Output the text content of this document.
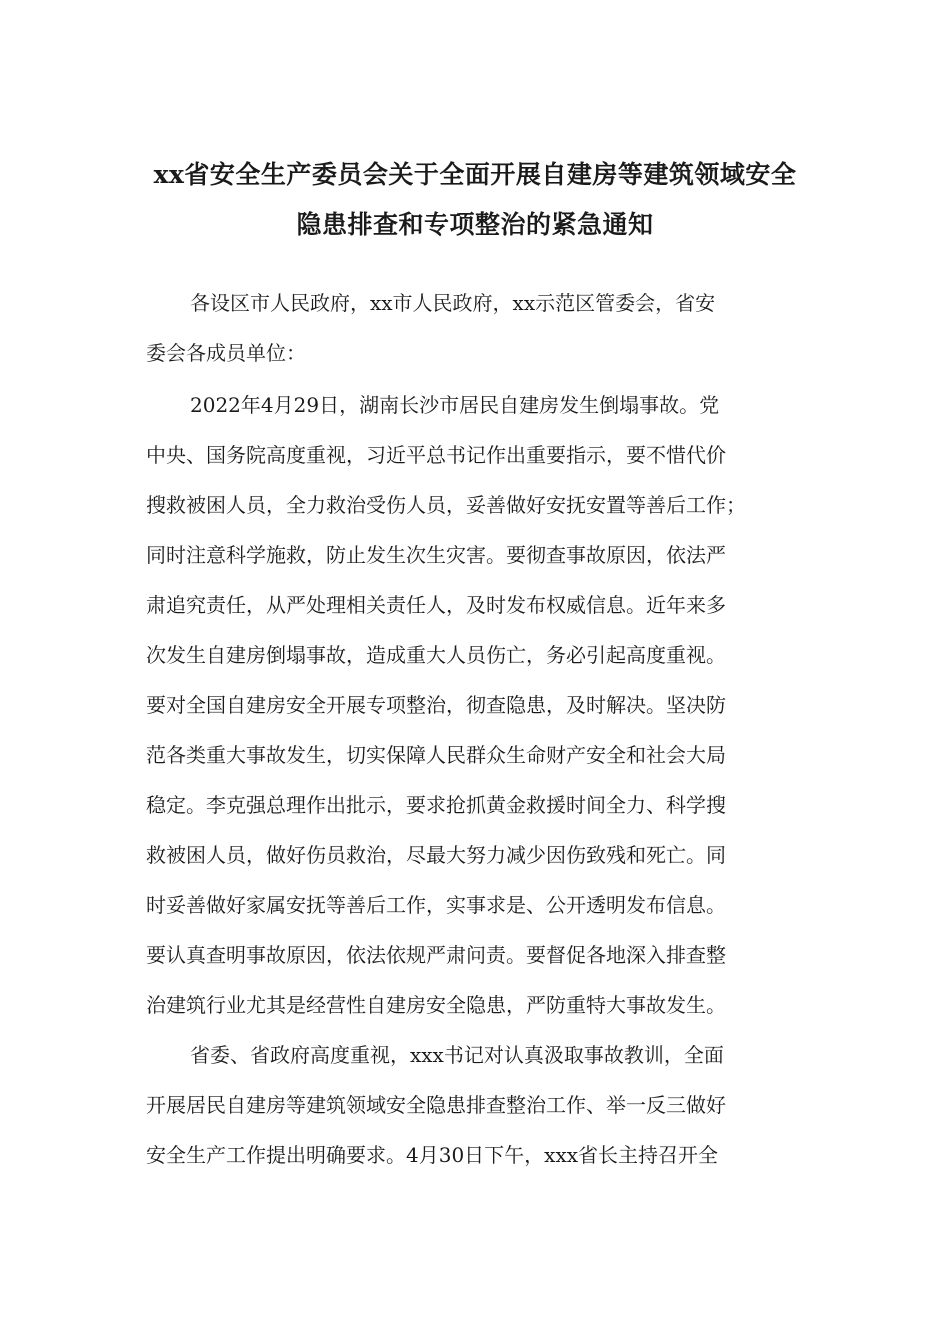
xx省安全生产委员会关于全面开展自建房等建筑领域安全
隐患排查和专项整治的紧急通知
各设区市人民政府，xx市人民政府，xx示范区管委会，省安
委会各成员单位：
2022年4月29日，湖南长沙市居民自建房发生倒塌事故。党
中央、国务院高度重视，习近平总书记作出重要指示，要不惜代价
搜救被困人员，全力救治受伤人员，妥善做好安抚安置等善后工作；
同时注意科学施救，防止发生次生灾害。要彻查事故原因，依法严
肃追究责任，从严处理相关责任人，及时发布权威信息。近年来多
次发生自建房倒塌事故，造成重大人员伤亡，务必引起高度重视。
要对全国自建房安全开展专项整治，彻查隐患，及时解决。坚决防
范各类重大事故发生，切实保障人民群众生命财产安全和社会大局
稳定。李克强总理作出批示，要求抢抓黄金救援时间全力、科学搜
救被困人员，做好伤员救治，尽最大努力减少因伤致残和死亡。同
时妥善做好家属安抚等善后工作，实事求是、公开透明发布信息。
要认真查明事故原因，依法依规严肃问责。要督促各地深入排查整
治建筑行业尤其是经营性自建房安全隐患，严防重特大事故发生。
省委、省政府高度重视，xxx书记对认真汲取事故教训，全面
开展居民自建房等建筑领域安全隐患排查整治工作、举一反三做好
安全生产工作提出明确要求。4月30日下午，xxx省长主持召开全
